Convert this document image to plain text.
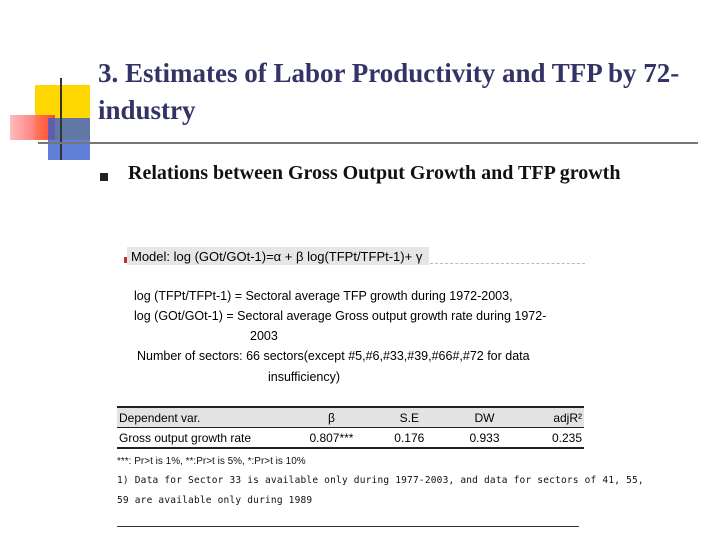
3. Estimates of Labor Productivity and TFP by 72-industry

Relations between Gross Output Growth and TFP growth

Model: log (GOt/GOt-1)=α + β log(TFPt/TFPt-1)+ γ
log (TFPt/TFPt-1) = Sectoral average TFP growth during 1972-2003,
log (GOt/GOt-1) = Sectoral average Gross output growth rate during 1972-
2003
Number of sectors: 66 sectors(except #5,#6,#33,#39,#66#,#72 for data
insufficiency)
Dependent var.	β	S.E	DW	adjR²
Gross output growth rate	0.807***	0.176	0.933	0.235
***: Pr>t is 1%, **:Pr>t is 5%, *:Pr>t is 10%
1) Data for Sector 33 is available only during 1977-2003, and data for sectors of 41, 55,
59 are available only during 1989
